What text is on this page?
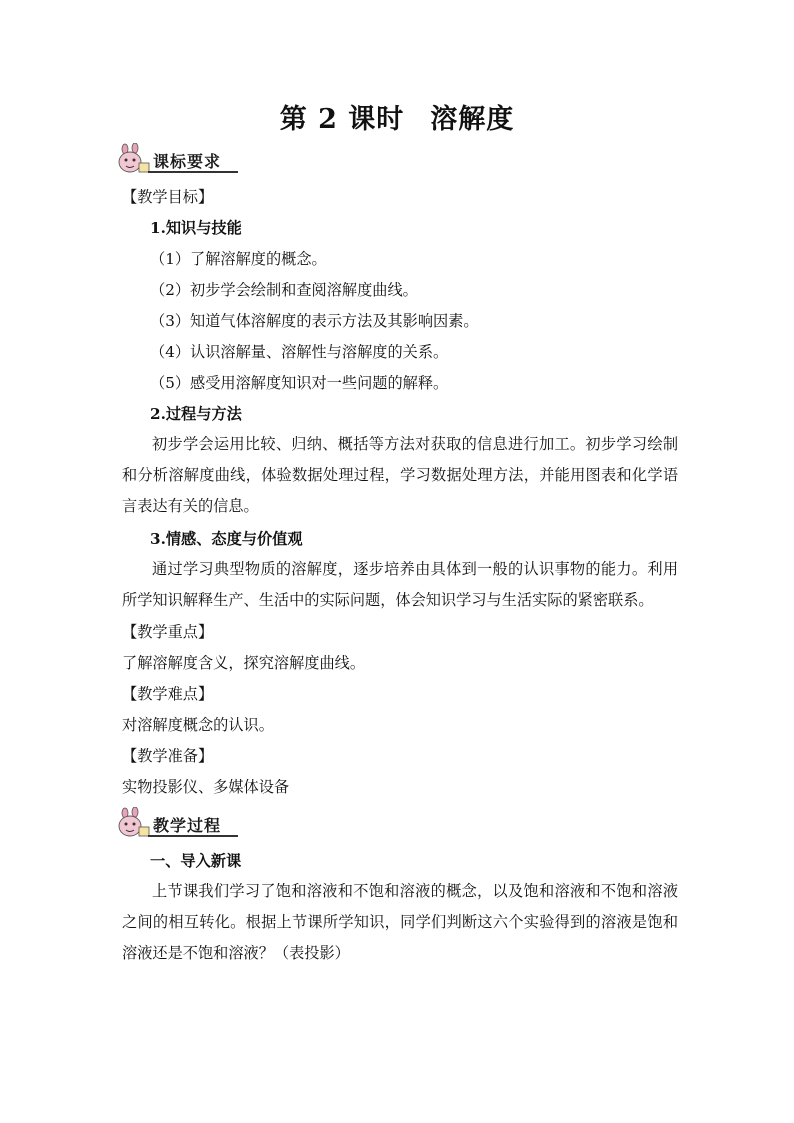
第 2 课时 溶解度
课标要求
【教学目标】
1.知识与技能
（1）了解溶解度的概念。
（2）初步学会绘制和查阅溶解度曲线。
（3）知道气体溶解度的表示方法及其影响因素。
（4）认识溶解量、溶解性与溶解度的关系。
（5）感受用溶解度知识对一些问题的解释。
2.过程与方法
初步学会运用比较、归纳、概括等方法对获取的信息进行加工。初步学习绘制和分析溶解度曲线，体验数据处理过程，学习数据处理方法，并能用图表和化学语言表达有关的信息。
3.情感、态度与价值观
通过学习典型物质的溶解度，逐步培养由具体到一般的认识事物的能力。利用所学知识解释生产、生活中的实际问题，体会知识学习与生活实际的紧密联系。
【教学重点】
了解溶解度含义，探究溶解度曲线。
【教学难点】
对溶解度概念的认识。
【教学准备】
实物投影仪、多媒体设备
教学过程
一、导入新课
上节课我们学习了饱和溶液和不饱和溶液的概念，以及饱和溶液和不饱和溶液之间的相互转化。根据上节课所学知识，同学们判断这六个实验得到的溶液是饱和溶液还是不饱和溶液？（表投影）
